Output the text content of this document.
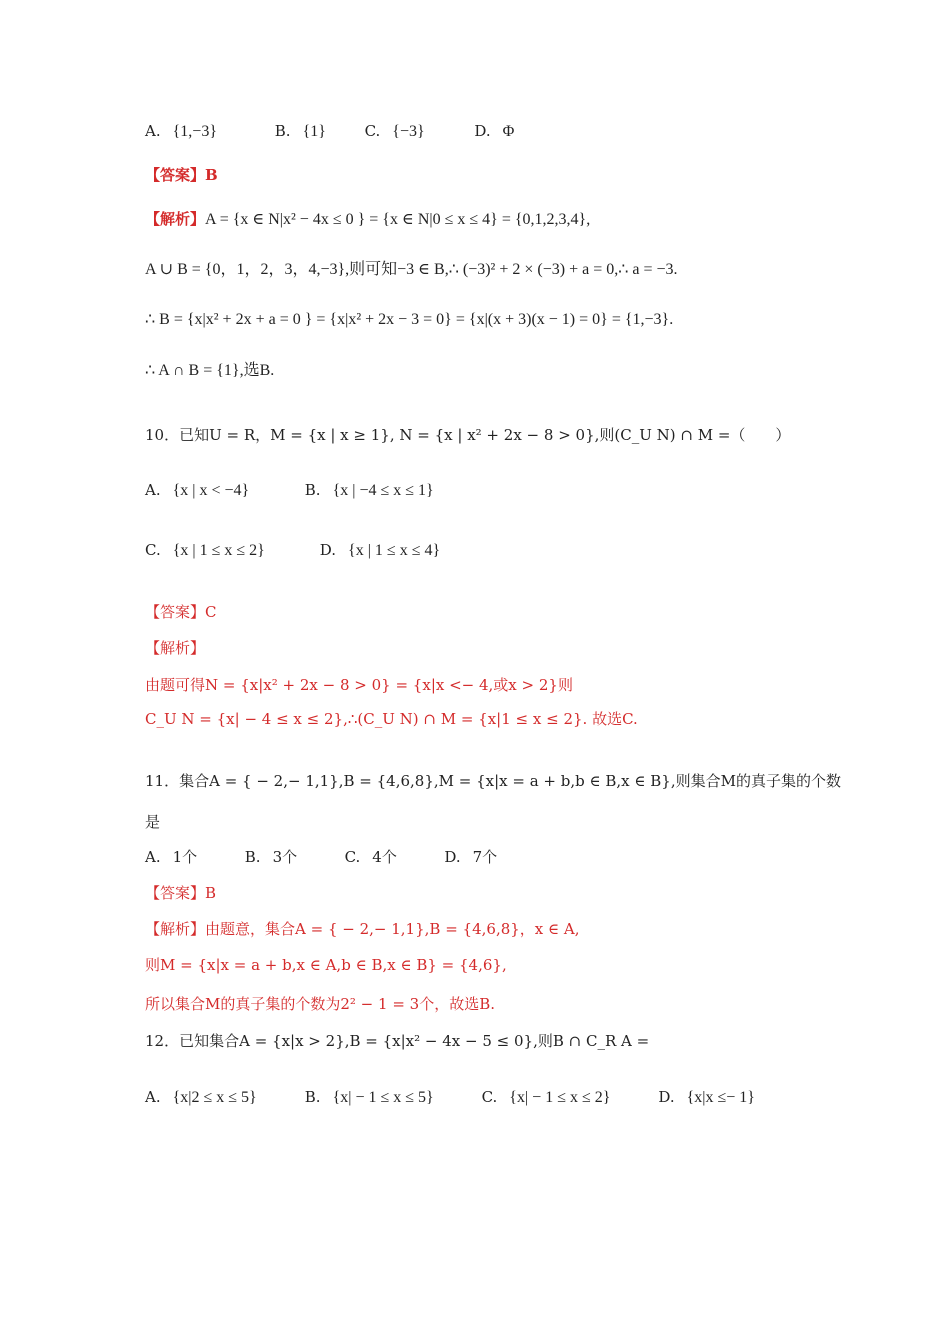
A. {1,−3}	B. {1}	C. {−3}	D. Φ
【答案】B
【解析】A = {x ∈ N|x² − 4x ≤ 0 } = {x ∈ N|0 ≤ x ≤ 4} = {0,1,2,3,4},
A ∪ B = {0，1，2，3，4,−3},则可知−3 ∈ B,∴ (−3)² + 2 × (−3) + a = 0,∴ a = −3.
∴ B = {x|x² + 2x + a = 0 } = {x|x² + 2x − 3 = 0} = {x|(x + 3)(x − 1) = 0} = {1,−3}.
∴ A ∩ B = {1},选B.
10．已知U = R，M = {x | x ≥ 1}, N = {x | x² + 2x − 8 > 0},则(C_U N) ∩ M =（　　）
A. {x | x < −4}	B. {x | −4 ≤ x ≤ 1}
C. {x | 1 ≤ x ≤ 2}	D. {x | 1 ≤ x ≤ 4}
【答案】C
【解析】
由题可得N = {x|x² + 2x − 8 > 0} = {x|x <− 4,或x > 2}则
C_U N = {x| − 4 ≤ x ≤ 2},∴(C_U N) ∩ M = {x|1 ≤ x ≤ 2}. 故选C.
11．集合A = { − 2,− 1,1},B = {4,6,8},M = {x|x = a + b,b ∈ B,x ∈ B},则集合M的真子集的个数
是
A. 1个	B. 3个	C. 4个	D. 7个
【答案】B
【解析】由题意，集合A = { − 2,− 1,1},B = {4,6,8}，x ∈ A,
则M = {x|x = a + b,x ∈ A,b ∈ B,x ∈ B} = {4,6},
所以集合M的真子集的个数为2² − 1 = 3个，故选B.
12．已知集合A = {x|x > 2},B = {x|x² − 4x − 5 ≤ 0},则B ∩ C_R A =
A. {x|2 ≤ x ≤ 5}	B. {x| − 1 ≤ x ≤ 5}	C. {x| − 1 ≤ x ≤ 2}	D. {x|x ≤− 1}
